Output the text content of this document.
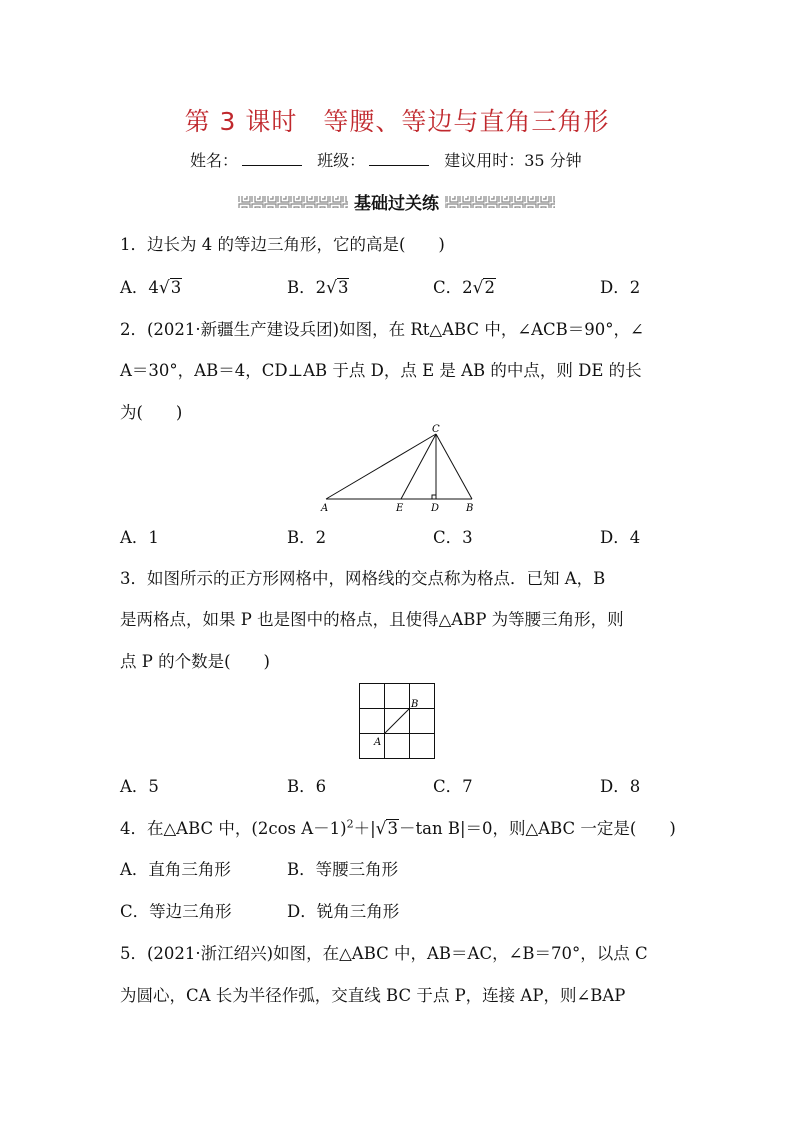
第 3 课时　等腰、等边与直角三角形
姓名：	班级：	建议用时：35 分钟
基础过关练
1．边长为 4 的等边三角形，它的高是(　　)
A．4√3	B．2√3	C．2√2	D．2
2．(2021·新疆生产建设兵团)如图，在 Rt△ABC 中，∠ACB＝90°，∠
A＝30°，AB＝4，CD⊥AB 于点 D，点 E 是 AB 的中点，则 DE 的长
为(　　)
A	E	D	B
C
A．1	B．2	C．3	D．4
3．如图所示的正方形网格中，网格线的交点称为格点．已知 A，B
是两格点，如果 P 也是图中的格点，且使得△ABP 为等腰三角形，则
点 P 的个数是(　　)
A
B
A．5	B．6	C．7	D．8
4．在△ABC 中，(2cos A－1)$^2$＋|√3－tan B|＝0，则△ABC 一定是(　　)
A．直角三角形	B．等腰三角形
C．等边三角形	D．锐角三角形
5．(2021·浙江绍兴)如图，在△ABC 中，AB＝AC，∠B＝70°，以点 C
为圆心，CA 长为半径作弧，交直线 BC 于点 P，连接 AP，则∠BAP
